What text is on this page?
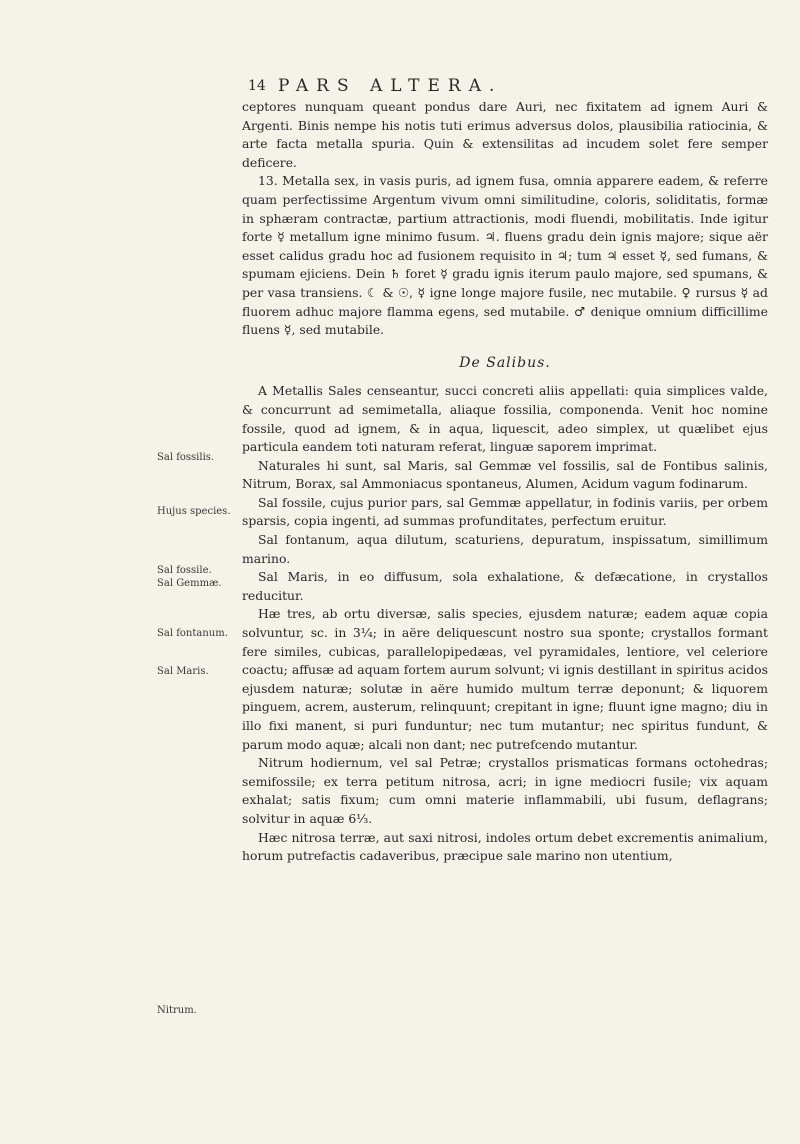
14 PARS ALTERA.

ceptores nunquam queant pondus dare Auri, nec fixitatem ad ignem Auri & Argenti. Binis nempe his notis tuti erimus adversus dolos, plausibilia ratiocinia, & arte facta metalla spuria. Quin & extensilitas ad incudem solet fere semper deficere.

13. Metalla sex, in vasis puris, ad ignem fusa, omnia apparere eadem, & referre quam perfectissime Argentum vivum omni similitudine, coloris, soliditatis, formæ in sphæram contractæ, partium attractionis, modi fluendi, mobilitatis. Inde igitur forte ☿ metallum igne minimo fusum. ♃. fluens gradu dein ignis majore; sique aër esset calidus gradu hoc ad fusionem requisito in ♃; tum ♃ esset ☿, sed fumans, & spumam ejiciens. Dein ♄ foret ☿ gradu ignis iterum paulo majore, sed spumans, & per vasa transiens. ☾ & ☉, ☿ igne longe majore fusile, nec mutabile. ♀ rursus ☿ ad fluorem adhuc majore flamma egens, sed mutabile. ♂ denique omnium difficillime fluens ☿, sed mutabile.

De Salibus.

A Metallis Sales censeantur, succi concreti aliis appellati: quia simplices valde, & concurrunt ad semimetalla, aliaque fossilia, componenda. Venit hoc nomine fossile, quod ad ignem, & in aqua, liquescit, adeo simplex, ut quælibet ejus particula eandem toti naturam referat, linguæ saporem imprimat.

Naturales hi sunt, sal Maris, sal Gemmæ vel fossilis, sal de Fontibus salinis, Nitrum, Borax, sal Ammoniacus spontaneus, Alumen, Acidum vagum fodinarum.

Sal fossile, cujus purior pars, sal Gemmæ appellatur, in fodinis variis, per orbem sparsis, copia ingenti, ad summas profunditates, perfectum eruitur.

Sal fontanum, aqua dilutum, scaturiens, depuratum, inspissatum, simillimum marino.

Sal Maris, in eo diffusum, sola exhalatione, & defæcatione, in crystallos reducitur.

Hæ tres, ab ortu diversæ, salis species, ejusdem naturæ; eadem aquæ copia solvuntur, sc. in 3¼; in aëre deliquescunt nostro sua sponte; crystallos formant fere similes, cubicas, parallelopipedæas, vel pyramidales, lentiore, vel celeriore coactu; affusæ ad aquam fortem aurum solvunt; vi ignis destillant in spiritus acidos ejusdem naturæ; solutæ in aëre humido multum terræ deponunt; & liquorem pinguem, acrem, austerum, relinquunt; crepitant in igne; fluunt igne magno; diu in illo fixi manent, si puri funduntur; nec tum mutantur; nec spiritus fundunt, & parum modo aquæ; alcali non dant; nec putrefcendo mutantur.

Nitrum hodiernum, vel sal Petræ; crystallos prismaticas formans octohedras; semifossile; ex terra petitum nitrosa, acri; in igne mediocri fusile; vix aquam exhalat; satis fixum; cum omni materie inflammabili, ubi fusum, deflagrans; solvitur in aquæ 6⅓.

Hæc nitrosa terræ, aut saxi nitrosi, indoles ortum debet excrementis animalium, horum putrefactis cadaveribus, præcipue sale marino non utentium,

Sal fossilis.
Hujus species.
Sal fossile.
Sal Gemmæ.
Sal fontanum.
Sal Maris.
Nitrum.
